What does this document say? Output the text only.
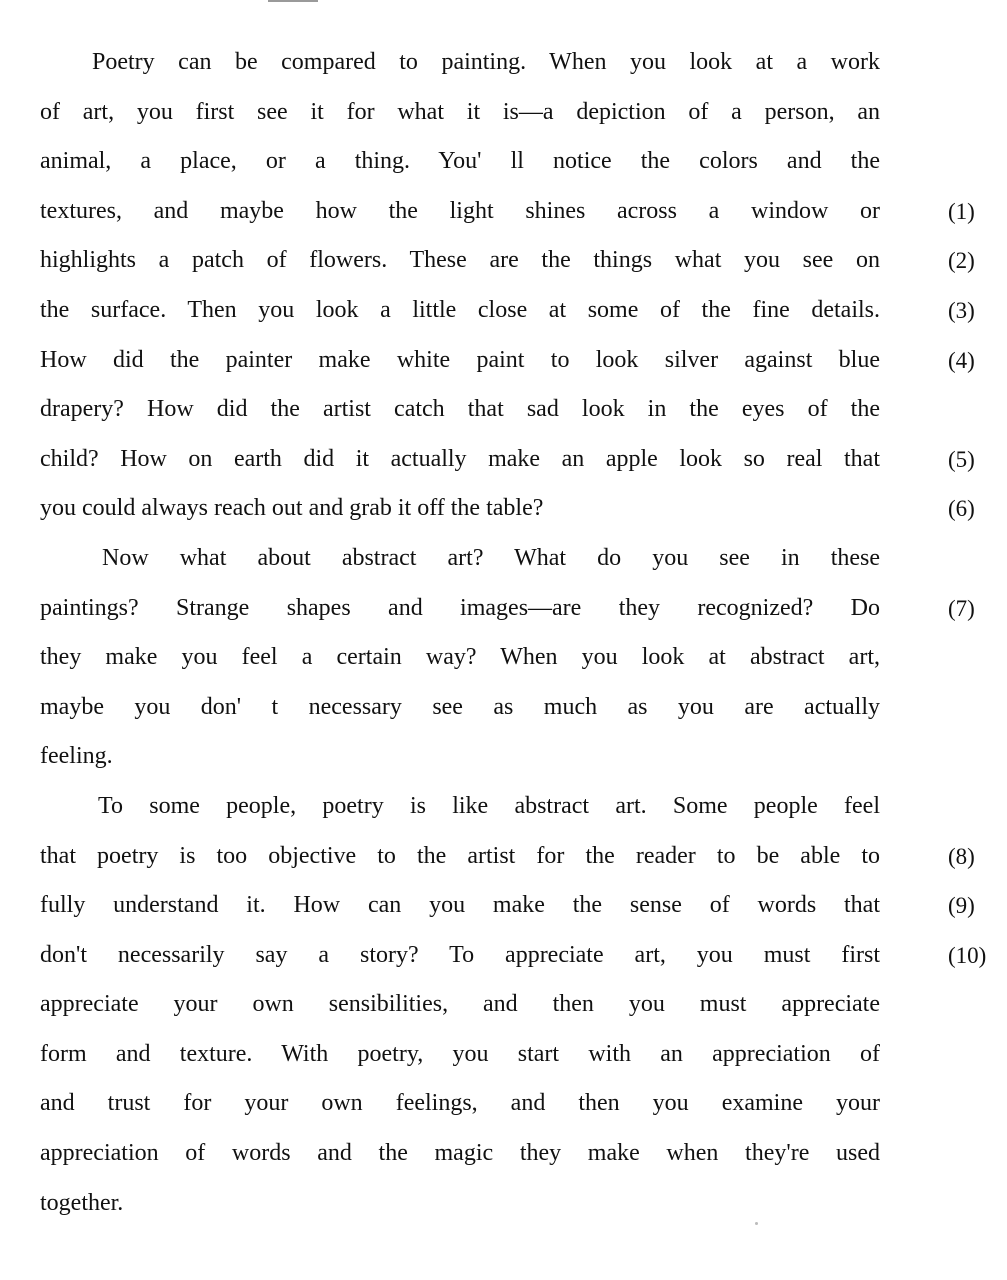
Poetry can be compared to painting. When you look at a work
of art, you first see it for what it is—a depiction of a person, an
animal, a place, or a thing. You' ll notice the colors and the
textures, and maybe how the light shines across a window or	(1)
highlights a patch of flowers. These are the things what you see on	(2)
the surface. Then you look a little close at some of the fine details.	(3)
How did the painter make white paint to look silver against blue	(4)
drapery? How did the artist catch that sad look in the eyes of the
child? How on earth did it actually make an apple look so real that	(5)
you could always reach out and grab it off the table?	(6)
Now what about abstract art? What do you see in these
paintings? Strange shapes and images—are they recognized? Do	(7)
they make you feel a certain way? When you look at abstract art,
maybe you don' t necessary see as much as you are actually
feeling.
To some people, poetry is like abstract art. Some people feel
that poetry is too objective to the artist for the reader to be able to	(8)
fully understand it. How can you make the sense of words that	(9)
don't necessarily say a story? To appreciate art, you must first	(10)
appreciate your own sensibilities, and then you must appreciate
form and texture. With poetry, you start with an appreciation of
and trust for your own feelings, and then you examine your
appreciation of words and the magic they make when they're used
together.
